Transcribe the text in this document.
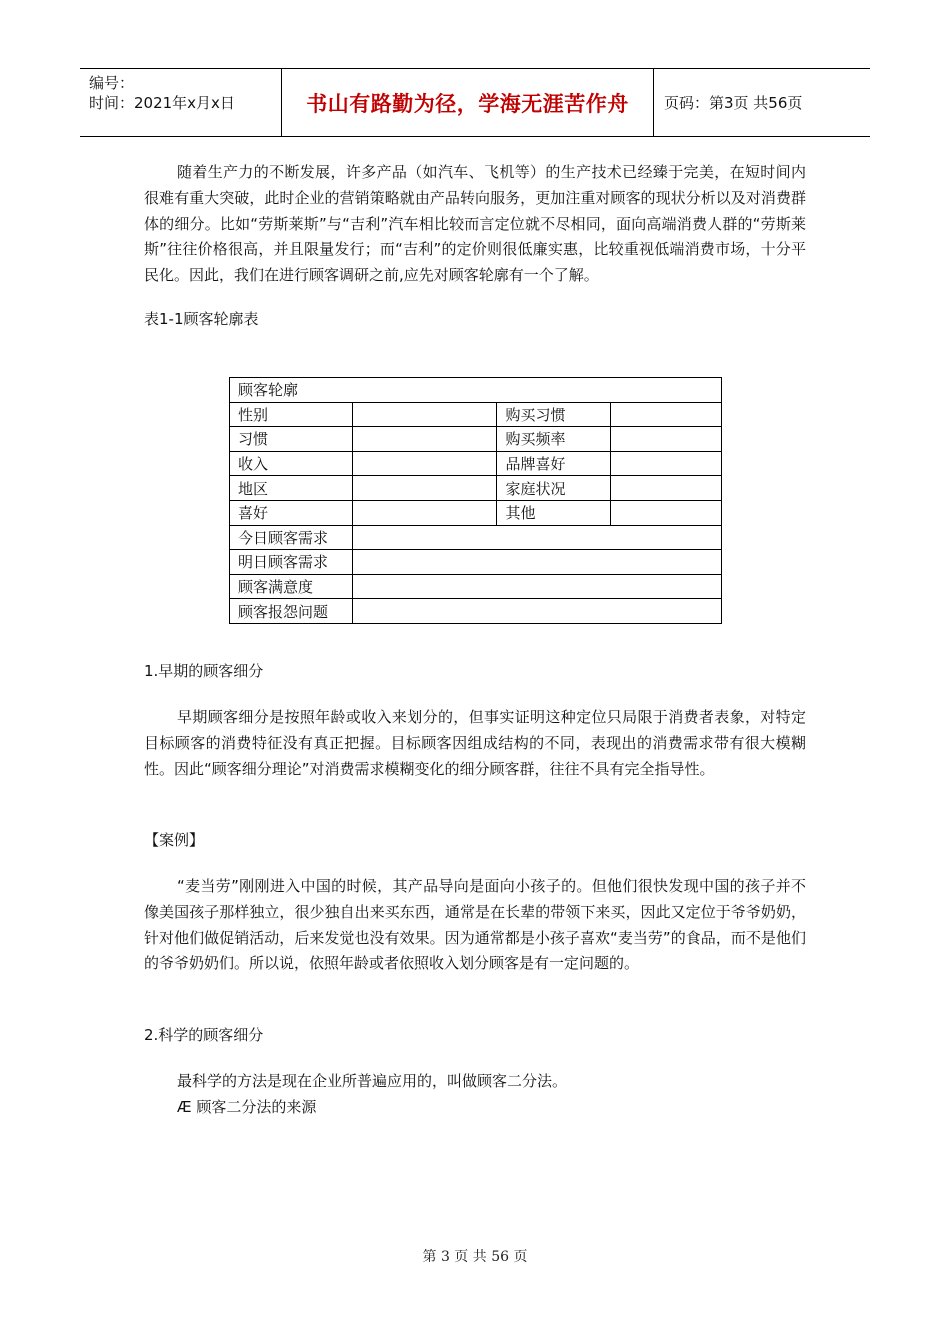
编号：
时间：2021年x月x日	书山有路勤为径，学海无涯苦作舟	页码：第3页 共56页

随着生产力的不断发展，许多产品（如汽车、飞机等）的生产技术已经臻于完美，在短时间内很难有重大突破，此时企业的营销策略就由产品转向服务，更加注重对顾客的现状分析以及对消费群体的细分。比如“劳斯莱斯”与“吉利”汽车相比较而言定位就不尽相同，面向高端消费人群的“劳斯莱斯”往往价格很高，并且限量发行；而“吉利”的定价则很低廉实惠，比较重视低端消费市场，十分平民化。因此，我们在进行顾客调研之前,应先对顾客轮廓有一个了解。

表1-1顾客轮廓表

顾客轮廓			
性别		购买习惯	
习惯		购买频率	
收入		品牌喜好	
地区		家庭状况	
喜好		其他	
今日顾客需求			
明日顾客需求			
顾客满意度			
顾客报怨问题			

1.早期的顾客细分

早期顾客细分是按照年龄或收入来划分的，但事实证明这种定位只局限于消费者表象，对特定目标顾客的消费特征没有真正把握。目标顾客因组成结构的不同，表现出的消费需求带有很大模糊性。因此“顾客细分理论”对消费需求模糊变化的细分顾客群，往往不具有完全指导性。

【案例】

“麦当劳”刚刚进入中国的时候，其产品导向是面向小孩子的。但他们很快发现中国的孩子并不像美国孩子那样独立，很少独自出来买东西，通常是在长辈的带领下来买，因此又定位于爷爷奶奶，针对他们做促销活动，后来发觉也没有效果。因为通常都是小孩子喜欢“麦当劳”的食品，而不是他们的爷爷奶奶们。所以说，依照年龄或者依照收入划分顾客是有一定问题的。

2.科学的顾客细分

最科学的方法是现在企业所普遍应用的，叫做顾客二分法。

Æ 顾客二分法的来源

第 3 页 共 56 页
